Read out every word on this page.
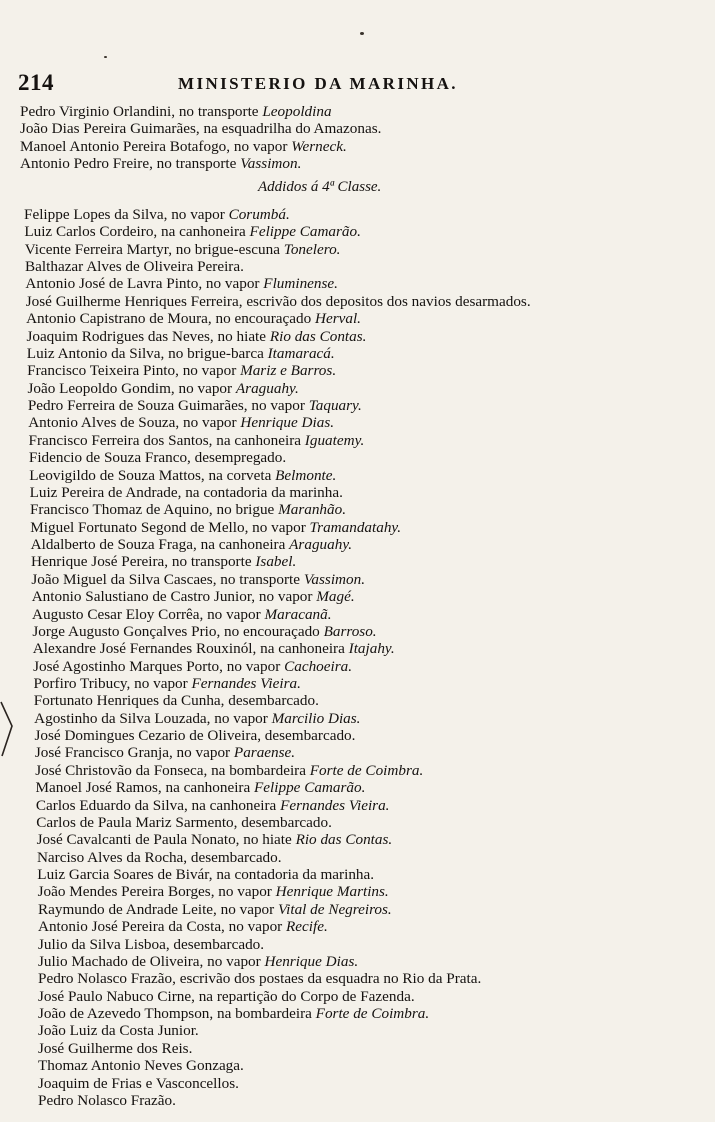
214	MINISTERIO DA MARINHA.
Pedro Virginio Orlandini, no transporte Leopoldina
João Dias Pereira Guimarães, na esquadrilha do Amazonas.
Manoel Antonio Pereira Botafogo, no vapor Werneck.
Antonio Pedro Freire, no transporte Vassimon.
Addidos á 4ª Classe.
Felippe Lopes da Silva, no vapor Corumbá.
Luiz Carlos Cordeiro, na canhoneira Felippe Camarão.
Vicente Ferreira Martyr, no brigue-escuna Tonelero.
Balthazar Alves de Oliveira Pereira.
Antonio José de Lavra Pinto, no vapor Fluminense.
José Guilherme Henriques Ferreira, escrivão dos depositos dos navios desarmados.
Antonio Capistrano de Moura, no encouraçado Herval.
Joaquim Rodrigues das Neves, no hiate Rio das Contas.
Luiz Antonio da Silva, no brigue-barca Itamaracá.
Francisco Teixeira Pinto, no vapor Mariz e Barros.
João Leopoldo Gondim, no vapor Araguahy.
Pedro Ferreira de Souza Guimarães, no vapor Taquary.
Antonio Alves de Souza, no vapor Henrique Dias.
Francisco Ferreira dos Santos, na canhoneira Iguatemy.
Fidencio de Souza Franco, desempregado.
Leovigildo de Souza Mattos, na corveta Belmonte.
Luiz Pereira de Andrade, na contadoria da marinha.
Francisco Thomaz de Aquino, no brigue Maranhão.
Miguel Fortunato Segond de Mello, no vapor Tramandatahy.
Aldalberto de Souza Fraga, na canhoneira Araguahy.
Henrique José Pereira, no transporte Isabel.
João Miguel da Silva Cascaes, no transporte Vassimon.
Antonio Salustiano de Castro Junior, no vapor Magé.
Augusto Cesar Eloy Corrêa, no vapor Maracanã.
Jorge Augusto Gonçalves Prio, no encouraçado Barroso.
Alexandre José Fernandes Rouxinól, na canhoneira Itajahy.
José Agostinho Marques Porto, no vapor Cachoeira.
Porfiro Tribucy, no vapor Fernandes Vieira.
Fortunato Henriques da Cunha, desembarcado.
Agostinho da Silva Louzada, no vapor Marcilio Dias.
José Domingues Cezario de Oliveira, desembarcado.
José Francisco Granja, no vapor Paraense.
José Christovão da Fonseca, na bombardeira Forte de Coimbra.
Manoel José Ramos, na canhoneira Felippe Camarão.
Carlos Eduardo da Silva, na canhoneira Fernandes Vieira.
Carlos de Paula Mariz Sarmento, desembarcado.
José Cavalcanti de Paula Nonato, no hiate Rio das Contas.
Narciso Alves da Rocha, desembarcado.
Luiz Garcia Soares de Bivár, na contadoria da marinha.
João Mendes Pereira Borges, no vapor Henrique Martins.
Raymundo de Andrade Leite, no vapor Vital de Negreiros.
Antonio José Pereira da Costa, no vapor Recife.
Julio da Silva Lisboa, desembarcado.
Julio Machado de Oliveira, no vapor Henrique Dias.
Pedro Nolasco Frazão, escrivão dos postaes da esquadra no Rio da Prata.
José Paulo Nabuco Cirne, na repartição do Corpo de Fazenda.
João de Azevedo Thompson, na bombardeira Forte de Coimbra.
João Luiz da Costa Junior.
José Guilherme dos Reis.
Thomaz Antonio Neves Gonzaga.
Joaquim de Frias e Vasconcellos.
Pedro Nolasco Frazão.
